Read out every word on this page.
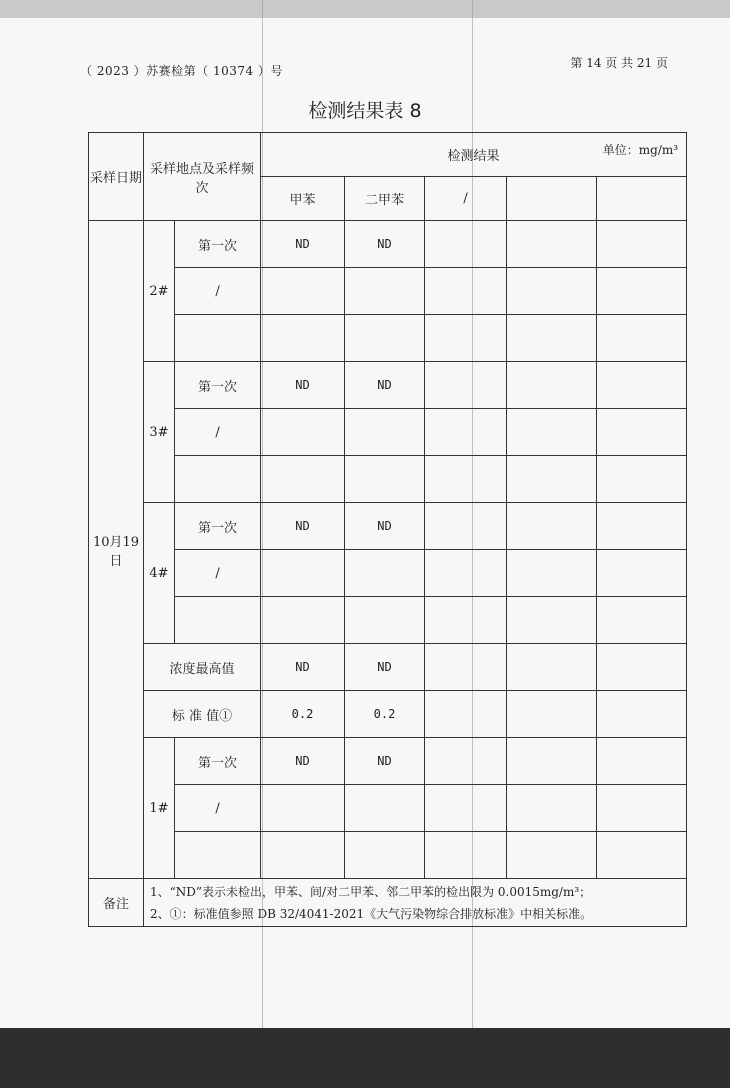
（ 2023 ）苏赛检第（ 10374 ）号
第 14 页 共 21 页
检测结果表 8
采样日期	采样地点及采样频次		检测结果 单位：mg/m³				

			甲苯	二甲苯	/		
10月19日	2#	第一次	ND	ND			
		/					

	3#	第一次	ND	ND			
		/					

	4#	第一次	ND	ND			
		/					

	浓度最高值		ND	ND			
	标 准 值①		0.2	0.2			
	1#	第一次	ND	ND			
		/					

备注	1、“ND”表示未检出，甲苯、间/对二甲苯、邻二甲苯的检出限为 0.0015mg/m³；
2、①：标准值参照 DB 32/4041-2021《大气污染物综合排放标准》中相关标准。						
